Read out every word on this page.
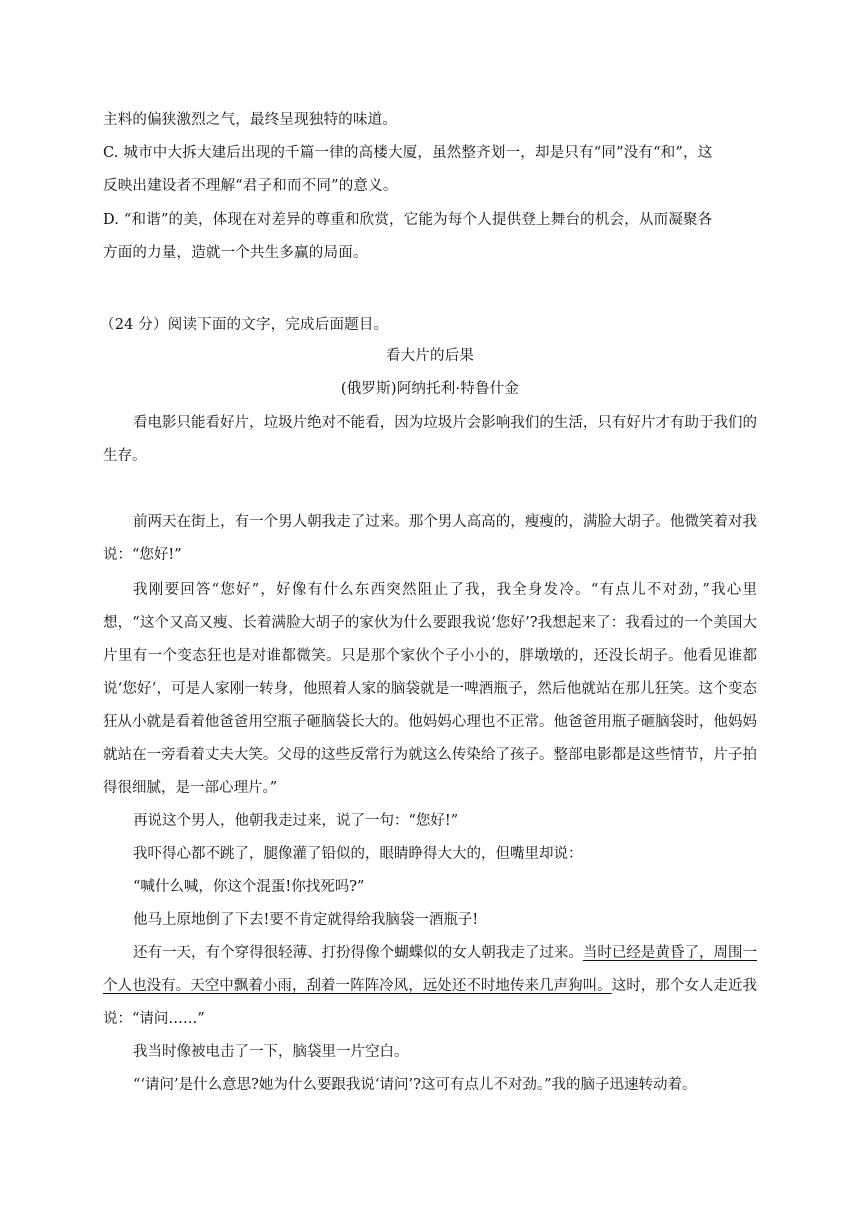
主料的偏狭激烈之气，最终呈现独特的味道。
C. 城市中大拆大建后出现的千篇一律的高楼大厦，虽然整齐划一，却是只有“同”没有“和”，这
反映出建设者不理解“君子和而不同”的意义。
D. “和谐”的美，体现在对差异的尊重和欣赏，它能为每个人提供登上舞台的机会，从而凝聚各
方面的力量，造就一个共生多赢的局面。
（24 分）阅读下面的文字，完成后面题目。
看大片的后果
(俄罗斯)阿纳托利·特鲁什金
看电影只能看好片，垃圾片绝对不能看，因为垃圾片会影响我们的生活，只有好片才有助于我们的生存。
前两天在街上，有一个男人朝我走了过来。那个男人高高的，瘦瘦的，满脸大胡子。他微笑着对我说：“您好!”
我刚要回答“您好”，好像有什么东西突然阻止了我，我全身发冷。“有点儿不对劲，”我心里想，“这个又高又瘦、长着满脸大胡子的家伙为什么要跟我说‘您好’?我想起来了：我看过的一个美国大片里有一个变态狂也是对谁都微笑。只是那个家伙个子小小的，胖墩墩的，还没长胡子。他看见谁都说‘您好’，可是人家刚一转身，他照着人家的脑袋就是一啤酒瓶子，然后他就站在那儿狂笑。这个变态狂从小就是看着他爸爸用空瓶子砸脑袋长大的。他妈妈心理也不正常。他爸爸用瓶子砸脑袋时，他妈妈就站在一旁看着丈夫大笑。父母的这些反常行为就这么传染给了孩子。整部电影都是这些情节，片子拍得很细腻，是一部心理片。”
再说这个男人，他朝我走过来，说了一句：“您好!”
我吓得心都不跳了，腿像灌了铅似的，眼睛睁得大大的，但嘴里却说：
“喊什么喊，你这个混蛋!你找死吗?”
他马上原地倒了下去!要不肯定就得给我脑袋一酒瓶子!
还有一天，有个穿得很轻薄、打扮得像个蝴蝶似的女人朝我走了过来。当时已经是黄昏了，周围一个人也没有。天空中飘着小雨，刮着一阵阵冷风，远处还不时地传来几声狗叫。这时，那个女人走近我说：“请问……”
我当时像被电击了一下，脑袋里一片空白。
“‘请问’是什么意思?她为什么要跟我说‘请问’?这可有点儿不对劲。”我的脑子迅速转动着。
